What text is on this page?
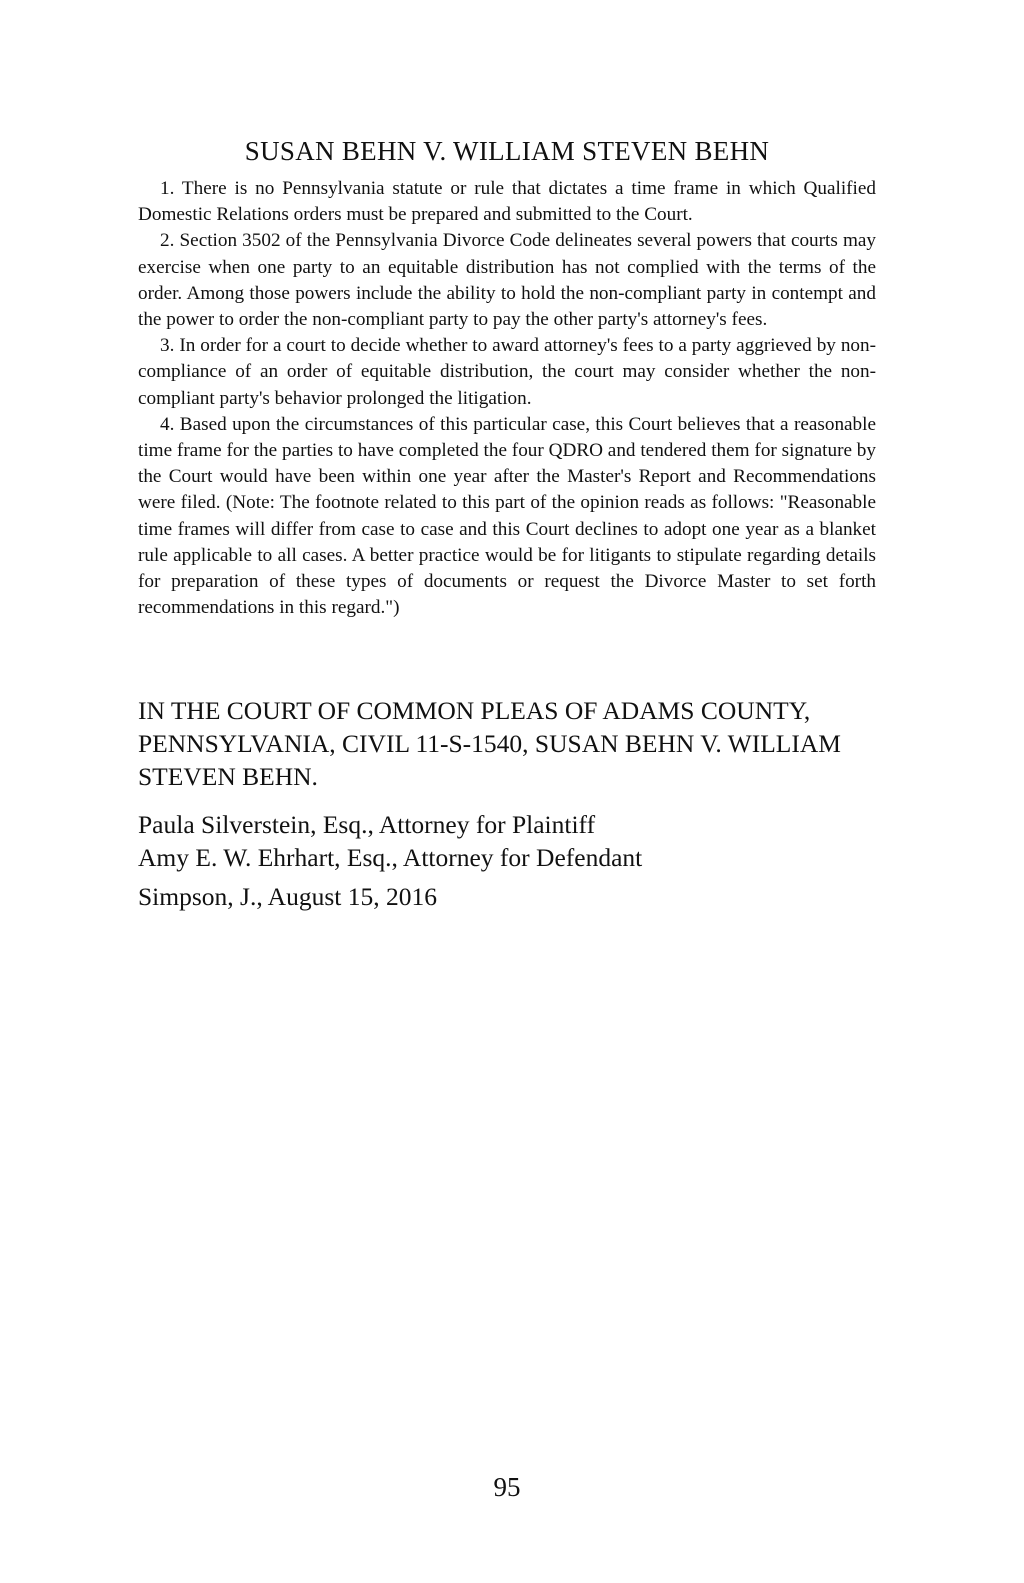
SUSAN BEHN V. WILLIAM STEVEN BEHN

1. There is no Pennsylvania statute or rule that dictates a time frame in which Qualified Domestic Relations orders must be prepared and submitted to the Court.

2. Section 3502 of the Pennsylvania Divorce Code delineates several powers that courts may exercise when one party to an equitable distribution has not complied with the terms of the order. Among those powers include the ability to hold the non-compliant party in contempt and the power to order the non-compliant party to pay the other party's attorney's fees.

3. In order for a court to decide whether to award attorney's fees to a party aggrieved by non-compliance of an order of equitable distribution, the court may consider whether the non-compliant party's behavior prolonged the litigation.

4. Based upon the circumstances of this particular case, this Court believes that a reasonable time frame for the parties to have completed the four QDRO and tendered them for signature by the Court would have been within one year after the Master's Report and Recommendations were filed. (Note: The footnote related to this part of the opinion reads as follows: "Reasonable time frames will differ from case to case and this Court declines to adopt one year as a blanket rule applicable to all cases. A better practice would be for litigants to stipulate regarding details for preparation of these types of documents or request the Divorce Master to set forth recommendations in this regard.")

IN THE COURT OF COMMON PLEAS OF ADAMS COUNTY, PENNSYLVANIA, CIVIL 11-S-1540, SUSAN BEHN V. WILLIAM STEVEN BEHN.

Paula Silverstein, Esq., Attorney for Plaintiff

Amy E. W. Ehrhart, Esq., Attorney for Defendant

Simpson, J., August 15, 2016

95
